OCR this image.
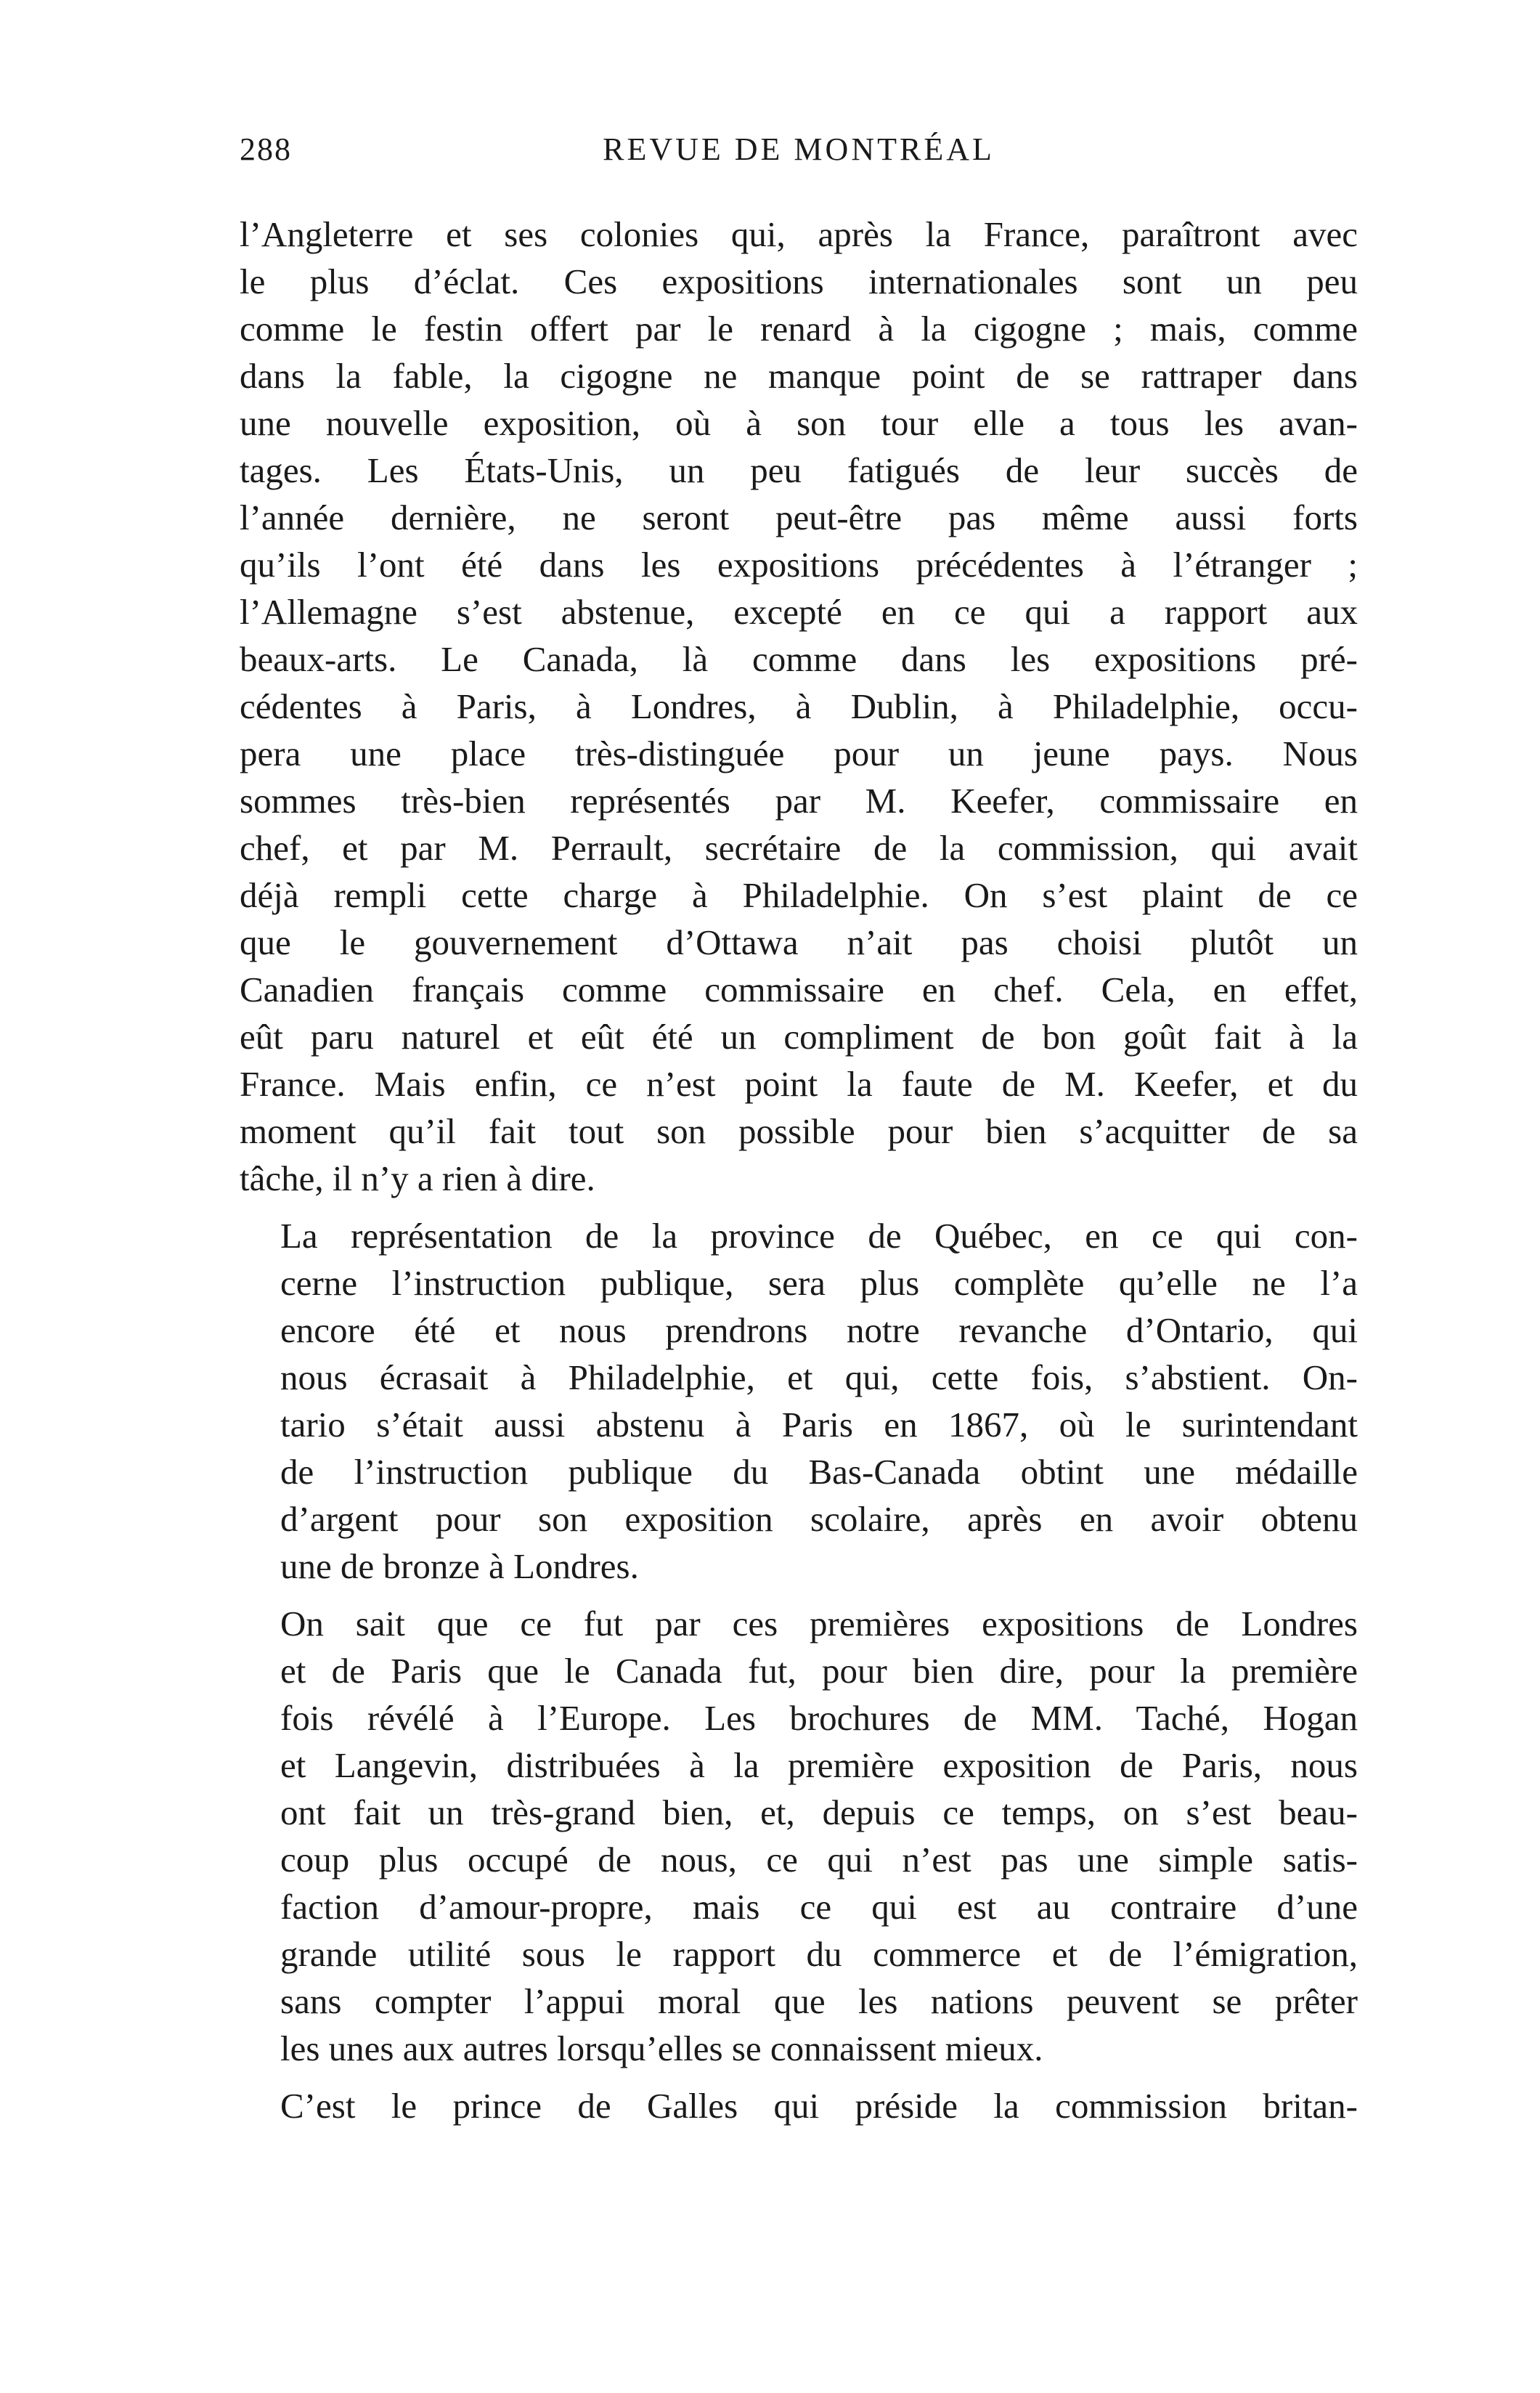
288	REVUE DE MONTRÉAL

l’Angleterre et ses colonies qui, après la France, paraîtront avec
le plus d’éclat. Ces expositions internationales sont un peu
comme le festin offert par le renard à la cigogne ; mais, comme
dans la fable, la cigogne ne manque point de se rattraper dans
une nouvelle exposition, où à son tour elle a tous les avan-
tages. Les États-Unis, un peu fatigués de leur succès de
l’année dernière, ne seront peut-être pas même aussi forts
qu’ils l’ont été dans les expositions précédentes à l’étranger ;
l’Allemagne s’est abstenue, excepté en ce qui a rapport aux
beaux-arts. Le Canada, là comme dans les expositions pré-
cédentes à Paris, à Londres, à Dublin, à Philadelphie, occu-
pera une place très-distinguée pour un jeune pays. Nous
sommes très-bien représentés par M. Keefer, commissaire en
chef, et par M. Perrault, secrétaire de la commission, qui avait
déjà rempli cette charge à Philadelphie. On s’est plaint de ce
que le gouvernement d’Ottawa n’ait pas choisi plutôt un
Canadien français comme commissaire en chef. Cela, en effet,
eût paru naturel et eût été un compliment de bon goût fait à la
France. Mais enfin, ce n’est point la faute de M. Keefer, et du
moment qu’il fait tout son possible pour bien s’acquitter de sa
tâche, il n’y a rien à dire.

La représentation de la province de Québec, en ce qui con-
cerne l’instruction publique, sera plus complète qu’elle ne l’a
encore été et nous prendrons notre revanche d’Ontario, qui
nous écrasait à Philadelphie, et qui, cette fois, s’abstient. On-
tario s’était aussi abstenu à Paris en 1867, où le surintendant
de l’instruction publique du Bas-Canada obtint une médaille
d’argent pour son exposition scolaire, après en avoir obtenu
une de bronze à Londres.

On sait que ce fut par ces premières expositions de Londres
et de Paris que le Canada fut, pour bien dire, pour la première
fois révélé à l’Europe. Les brochures de MM. Taché, Hogan
et Langevin, distribuées à la première exposition de Paris, nous
ont fait un très-grand bien, et, depuis ce temps, on s’est beau-
coup plus occupé de nous, ce qui n’est pas une simple satis-
faction d’amour-propre, mais ce qui est au contraire d’une
grande utilité sous le rapport du commerce et de l’émigration,
sans compter l’appui moral que les nations peuvent se prêter
les unes aux autres lorsqu’elles se connaissent mieux.

C’est le prince de Galles qui préside la commission britan-
